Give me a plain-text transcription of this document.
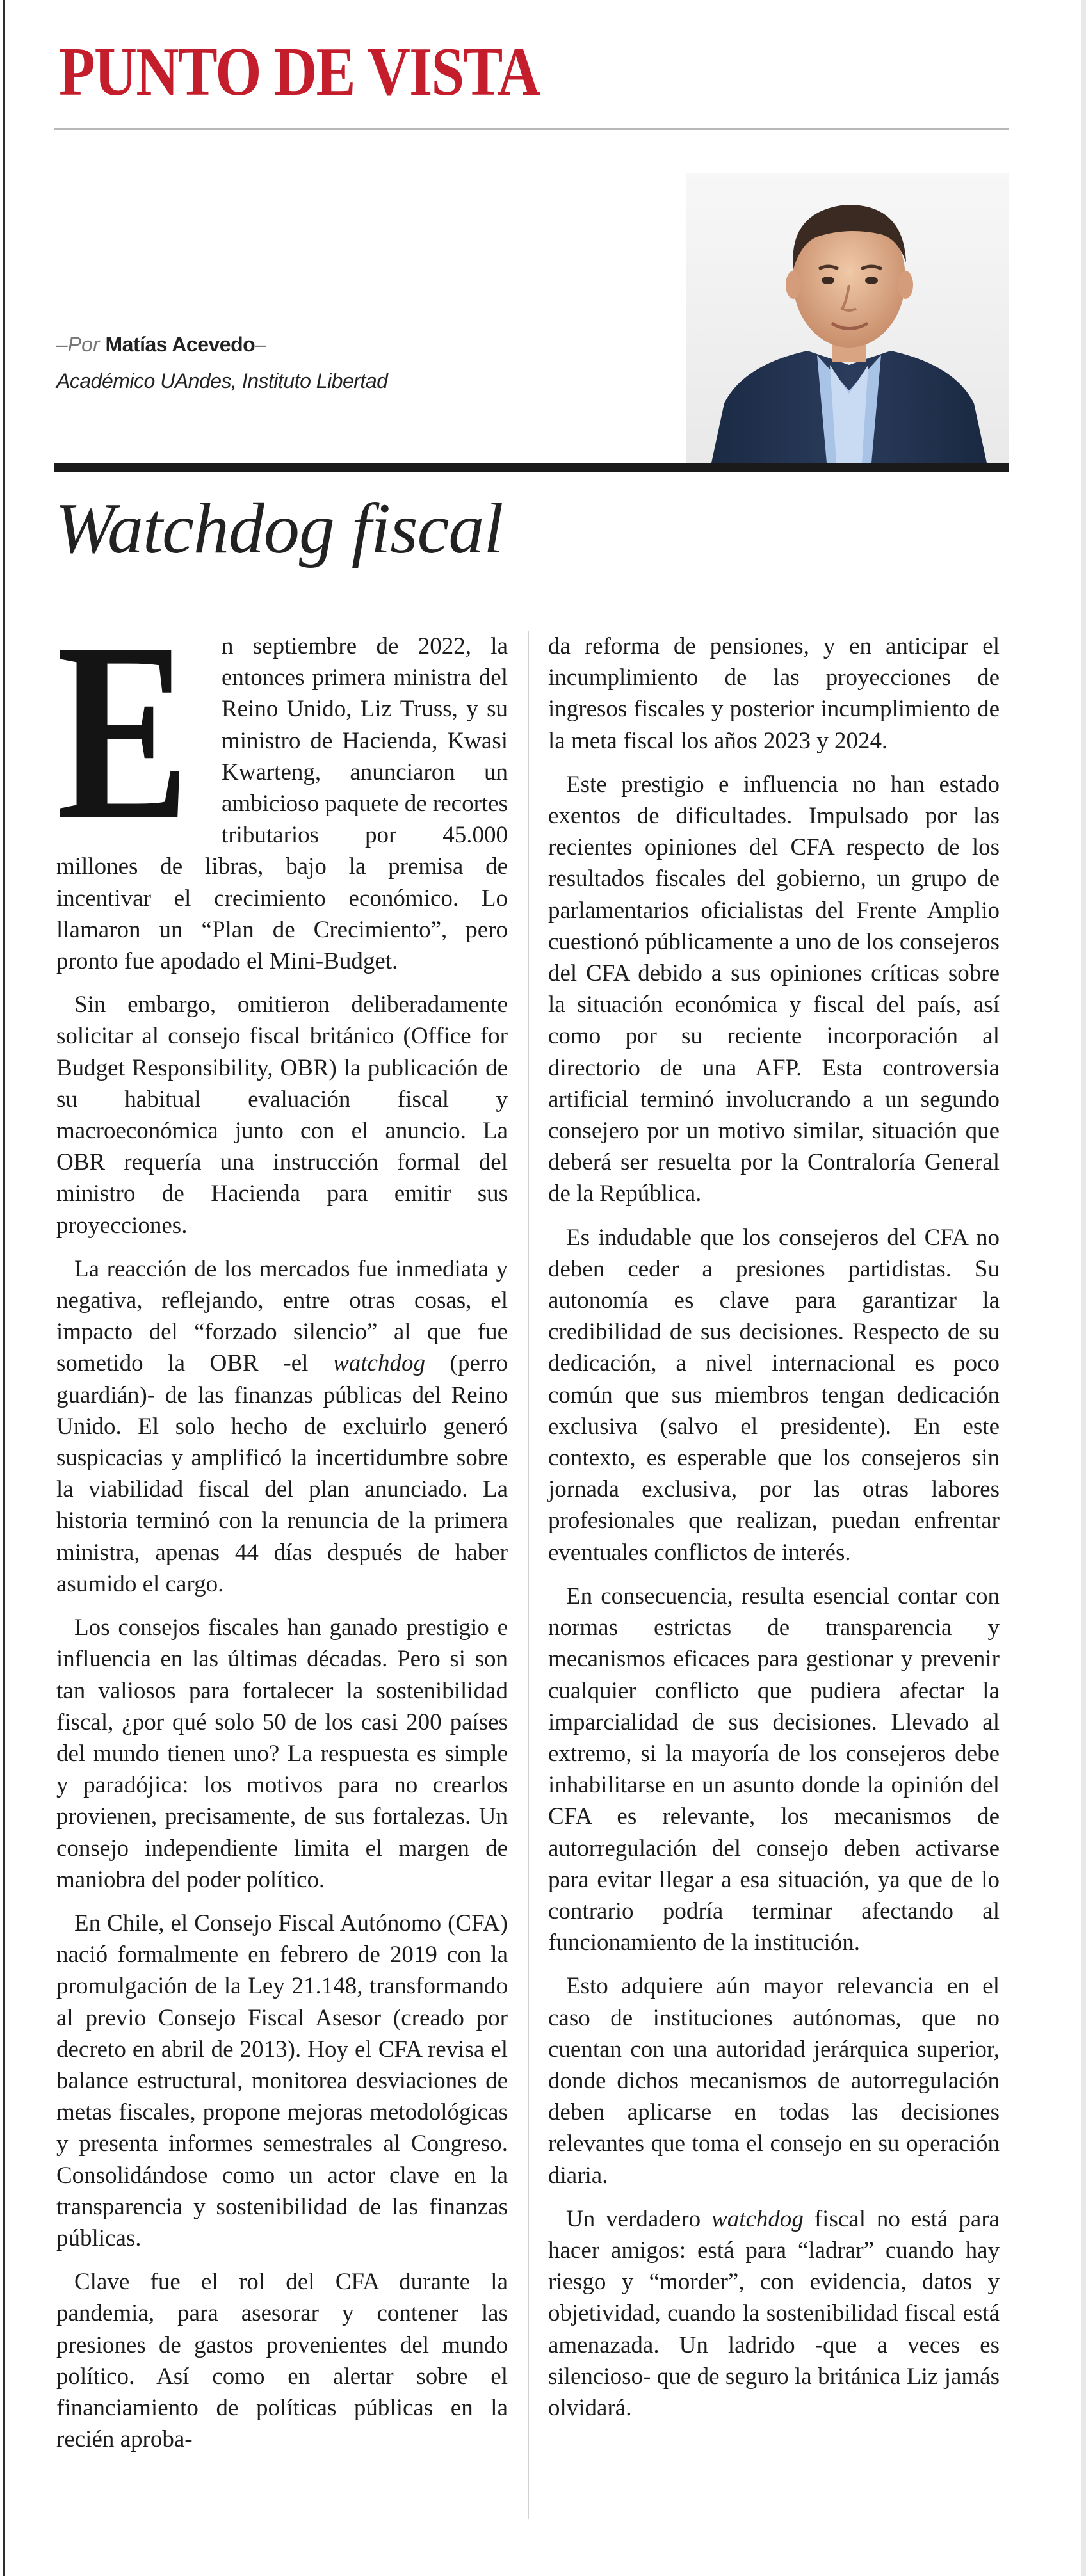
PUNTO DE VISTA
–Por Matías Acevedo–
Académico UAndes, Instituto Libertad
Watchdog fiscal

E n septiembre de 2022, la entonces primera ministra del Reino Unido, Liz Truss, y su ministro de Hacienda, Kwasi Kwarteng, anunciaron un ambicioso paquete de recortes tributarios por 45.000 millones de libras, bajo la premisa de incentivar el crecimiento económico. Lo llamaron un “Plan de Crecimiento”, pero pronto fue apodado el Mini-Budget.

Sin embargo, omitieron deliberadamente solicitar al consejo fiscal británico (Office for Budget Responsibility, OBR) la publicación de su habitual evaluación fiscal y macroeconómica junto con el anuncio. La OBR requería una instrucción formal del ministro de Hacienda para emitir sus proyecciones.

La reacción de los mercados fue inmediata y negativa, reflejando, entre otras cosas, el impacto del “forzado silencio” al que fue sometido la OBR -el watchdog (perro guardián)- de las finanzas públicas del Reino Unido. El solo hecho de excluirlo generó suspicacias y amplificó la incertidumbre sobre la viabilidad fiscal del plan anunciado. La historia terminó con la renuncia de la primera ministra, apenas 44 días después de haber asumido el cargo.

Los consejos fiscales han ganado prestigio e influencia en las últimas décadas. Pero si son tan valiosos para fortalecer la sostenibilidad fiscal, ¿por qué solo 50 de los casi 200 países del mundo tienen uno? La respuesta es simple y paradójica: los motivos para no crearlos provienen, precisamente, de sus fortalezas. Un consejo independiente limita el margen de maniobra del poder político.

En Chile, el Consejo Fiscal Autónomo (CFA) nació formalmente en febrero de 2019 con la promulgación de la Ley 21.148, transformando al previo Consejo Fiscal Asesor (creado por decreto en abril de 2013). Hoy el CFA revisa el balance estructural, monitorea desviaciones de metas fiscales, propone mejoras metodológicas y presenta informes semestrales al Congreso. Consolidándose como un actor clave en la transparencia y sostenibilidad de las finanzas públicas.

Clave fue el rol del CFA durante la pandemia, para asesorar y contener las presiones de gastos provenientes del mundo político. Así como en alertar sobre el financiamiento de políticas públicas en la recién aproba-

da reforma de pensiones, y en anticipar el incumplimiento de las proyecciones de ingresos fiscales y posterior incumplimiento de la meta fiscal los años 2023 y 2024.

Este prestigio e influencia no han estado exentos de dificultades. Impulsado por las recientes opiniones del CFA respecto de los resultados fiscales del gobierno, un grupo de parlamentarios oficialistas del Frente Amplio cuestionó públicamente a uno de los consejeros del CFA debido a sus opiniones críticas sobre la situación económica y fiscal del país, así como por su reciente incorporación al directorio de una AFP. Esta controversia artificial terminó involucrando a un segundo consejero por un motivo similar, situación que deberá ser resuelta por la Contraloría General de la República.

Es indudable que los consejeros del CFA no deben ceder a presiones partidistas. Su autonomía es clave para garantizar la credibilidad de sus decisiones. Respecto de su dedicación, a nivel internacional es poco común que sus miembros tengan dedicación exclusiva (salvo el presidente). En este contexto, es esperable que los consejeros sin jornada exclusiva, por las otras labores profesionales que realizan, puedan enfrentar eventuales conflictos de interés.

En consecuencia, resulta esencial contar con normas estrictas de transparencia y mecanismos eficaces para gestionar y prevenir cualquier conflicto que pudiera afectar la imparcialidad de sus decisiones. Llevado al extremo, si la mayoría de los consejeros debe inhabilitarse en un asunto donde la opinión del CFA es relevante, los mecanismos de autorregulación del consejo deben activarse para evitar llegar a esa situación, ya que de lo contrario podría terminar afectando al funcionamiento de la institución.

Esto adquiere aún mayor relevancia en el caso de instituciones autónomas, que no cuentan con una autoridad jerárquica superior, donde dichos mecanismos de autorregulación deben aplicarse en todas las decisiones relevantes que toma el consejo en su operación diaria.

Un verdadero watchdog fiscal no está para hacer amigos: está para “ladrar” cuando hay riesgo y “morder”, con evidencia, datos y objetividad, cuando la sostenibilidad fiscal está amenazada. Un ladrido -que a veces es silencioso- que de seguro la británica Liz jamás olvidará.
